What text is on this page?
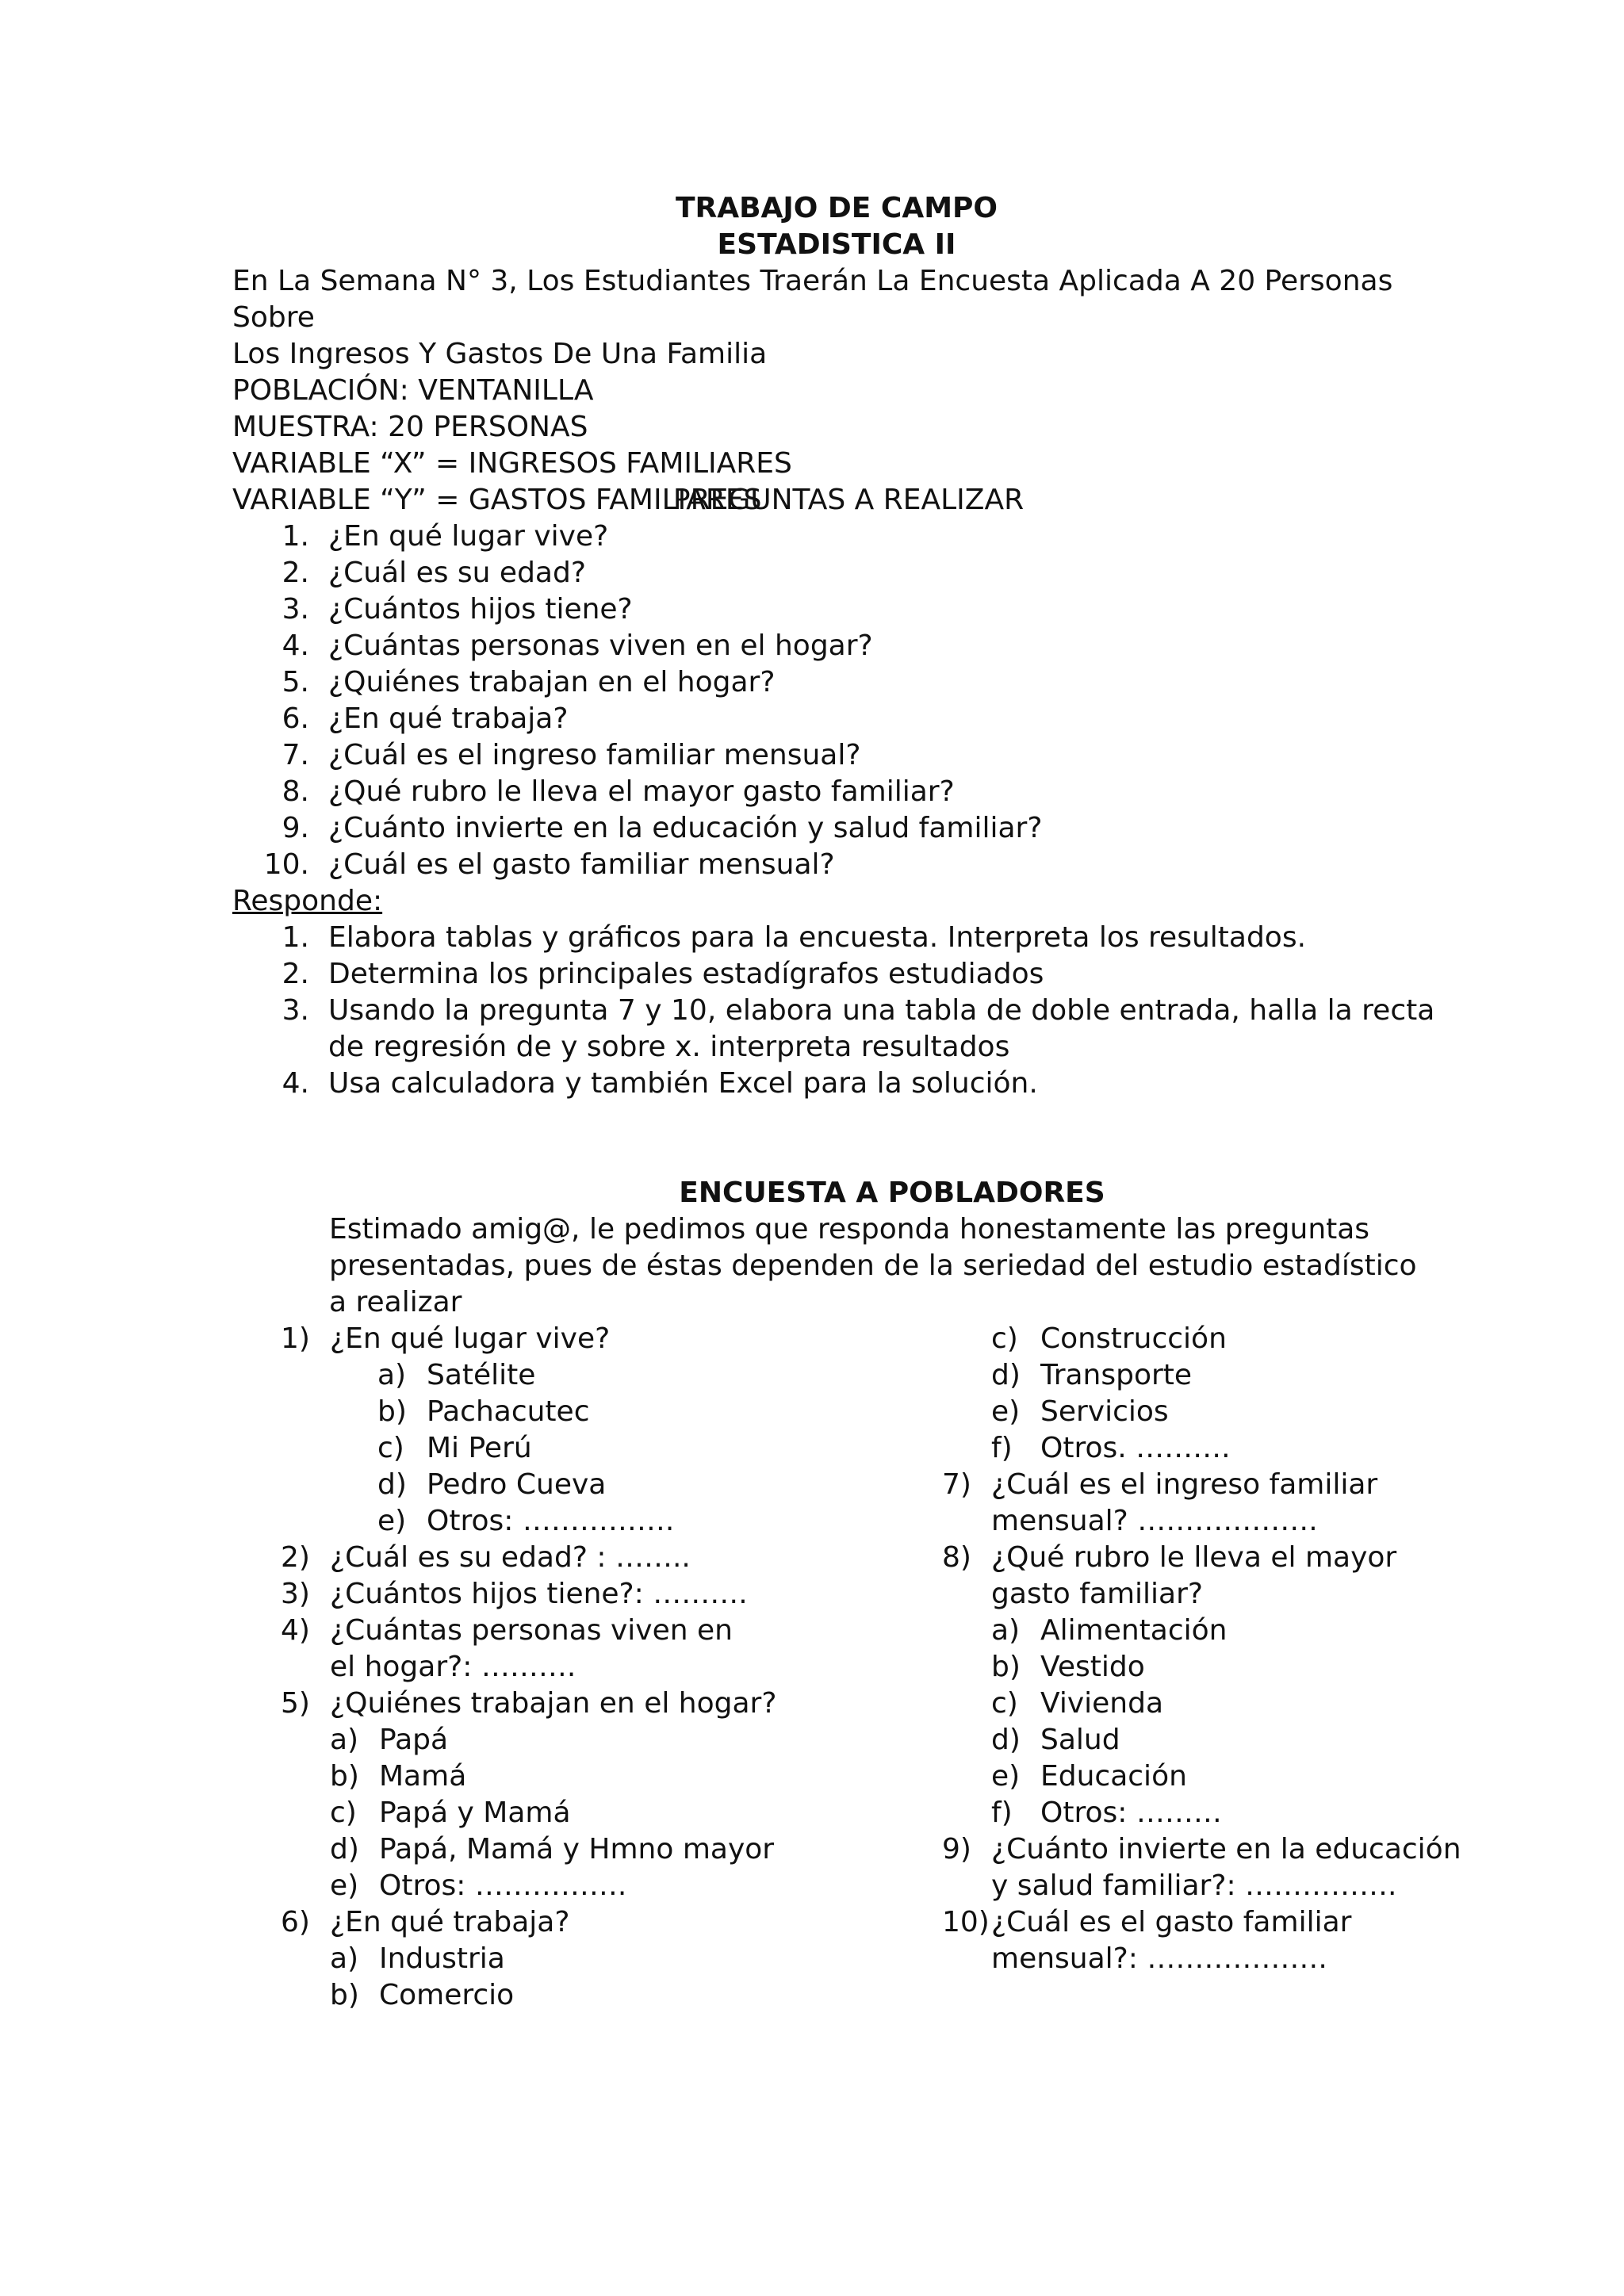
TRABAJO DE CAMPO
ESTADISTICA II
En La Semana N° 3, Los Estudiantes Traerán La Encuesta Aplicada A 20 Personas Sobre
Los Ingresos Y Gastos De Una Familia
POBLACIÓN: VENTANILLA
MUESTRA: 20 PERSONAS
VARIABLE “X” = INGRESOS FAMILIARES
VARIABLE “Y” = GASTOS FAMILIARES
PREGUNTAS A REALIZAR
1. ¿En qué lugar vive?
2. ¿Cuál es su edad?
3. ¿Cuántos hijos tiene?
4. ¿Cuántas personas viven en el hogar?
5. ¿Quiénes trabajan en el hogar?
6. ¿En qué trabaja?
7. ¿Cuál es el ingreso familiar mensual?
8. ¿Qué rubro le lleva el mayor gasto familiar?
9. ¿Cuánto invierte en la educación y salud familiar?
10. ¿Cuál es el gasto familiar mensual?
Responde:
1. Elabora tablas y gráficos para la encuesta. Interpreta los resultados.
2. Determina los principales estadígrafos estudiados
3. Usando la pregunta 7 y 10, elabora una tabla de doble entrada, halla la recta de regresión de y sobre x. interpreta resultados
4. Usa calculadora y también Excel para la solución.
ENCUESTA A POBLADORES
Estimado amig@, le pedimos que responda honestamente las preguntas presentadas, pues de éstas dependen de la seriedad del estudio estadístico a realizar
1) ¿En qué lugar vive?
a) Satélite
b) Pachacutec
c) Mi Perú
d) Pedro Cueva
e) Otros: …………….
2) ¿Cuál es su edad? : ……..
3) ¿Cuántos hijos tiene?: ……….
4) ¿Cuántas personas viven en el hogar?: ……….
5) ¿Quiénes trabajan en el hogar?
a) Papá
b) Mamá
c) Papá y Mamá
d) Papá, Mamá y Hmno mayor
e) Otros: …………….
6) ¿En qué trabaja?
a) Industria
b) Comercio
c) Construcción
d) Transporte
e) Servicios
f) Otros. ……….
7) ¿Cuál es el ingreso familiar mensual? ……………….
8) ¿Qué rubro le lleva el mayor gasto familiar?
a) Alimentación
b) Vestido
c) Vivienda
d) Salud
e) Educación
f) Otros: ………
9) ¿Cuánto invierte en la educación y salud familiar?: …………….
10) ¿Cuál es el gasto familiar mensual?: ……………….
